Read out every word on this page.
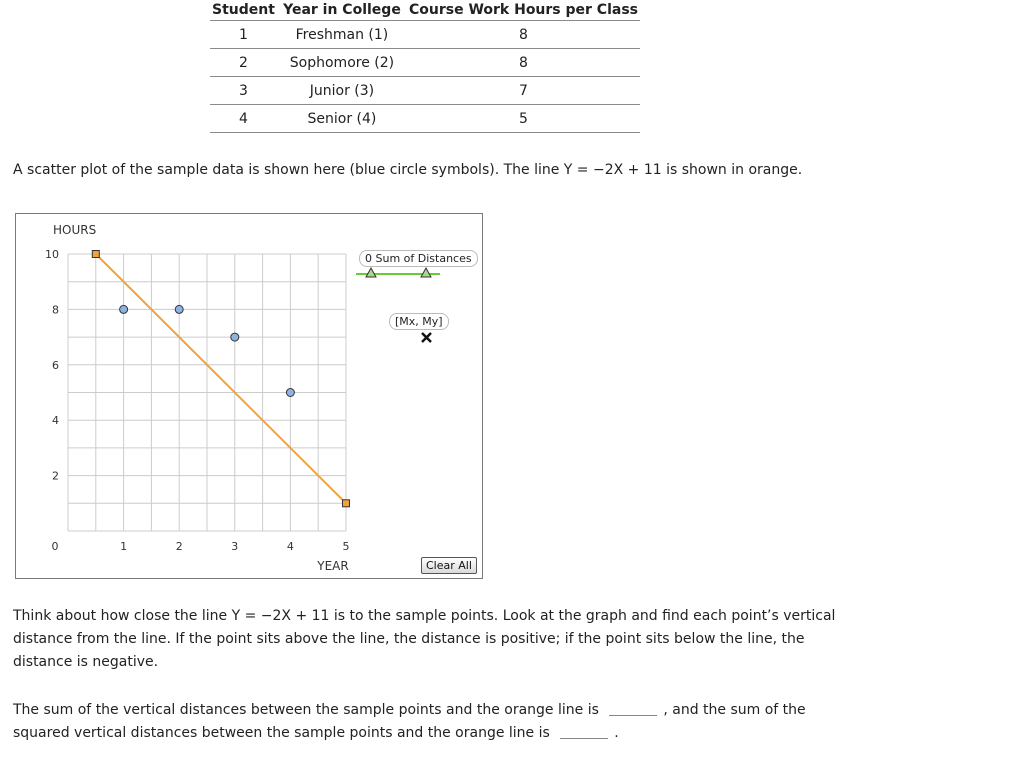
Student	Year in College	Course Work Hours per Class
1	Freshman (1)	8
2	Sophomore (2)	8
3	Junior (3)	7
4	Senior (4)	5

A scatter plot of the sample data is shown here (blue circle symbols). The line Y = −2X + 11 is shown in orange.

0	1	2	3	4	5
2
4
6
8
10
HOURS
YEAR
0 Sum of Distances
[Mx, My]
Clear All

Think about how close the line Y = −2X + 11 is to the sample points. Look at the graph and find each point’s vertical distance from the line. If the point sits above the line, the distance is positive; if the point sits below the line, the distance is negative.

The sum of the vertical distances between the sample points and the orange line is	, and the sum of the squared vertical distances between the sample points and the orange line is	.
